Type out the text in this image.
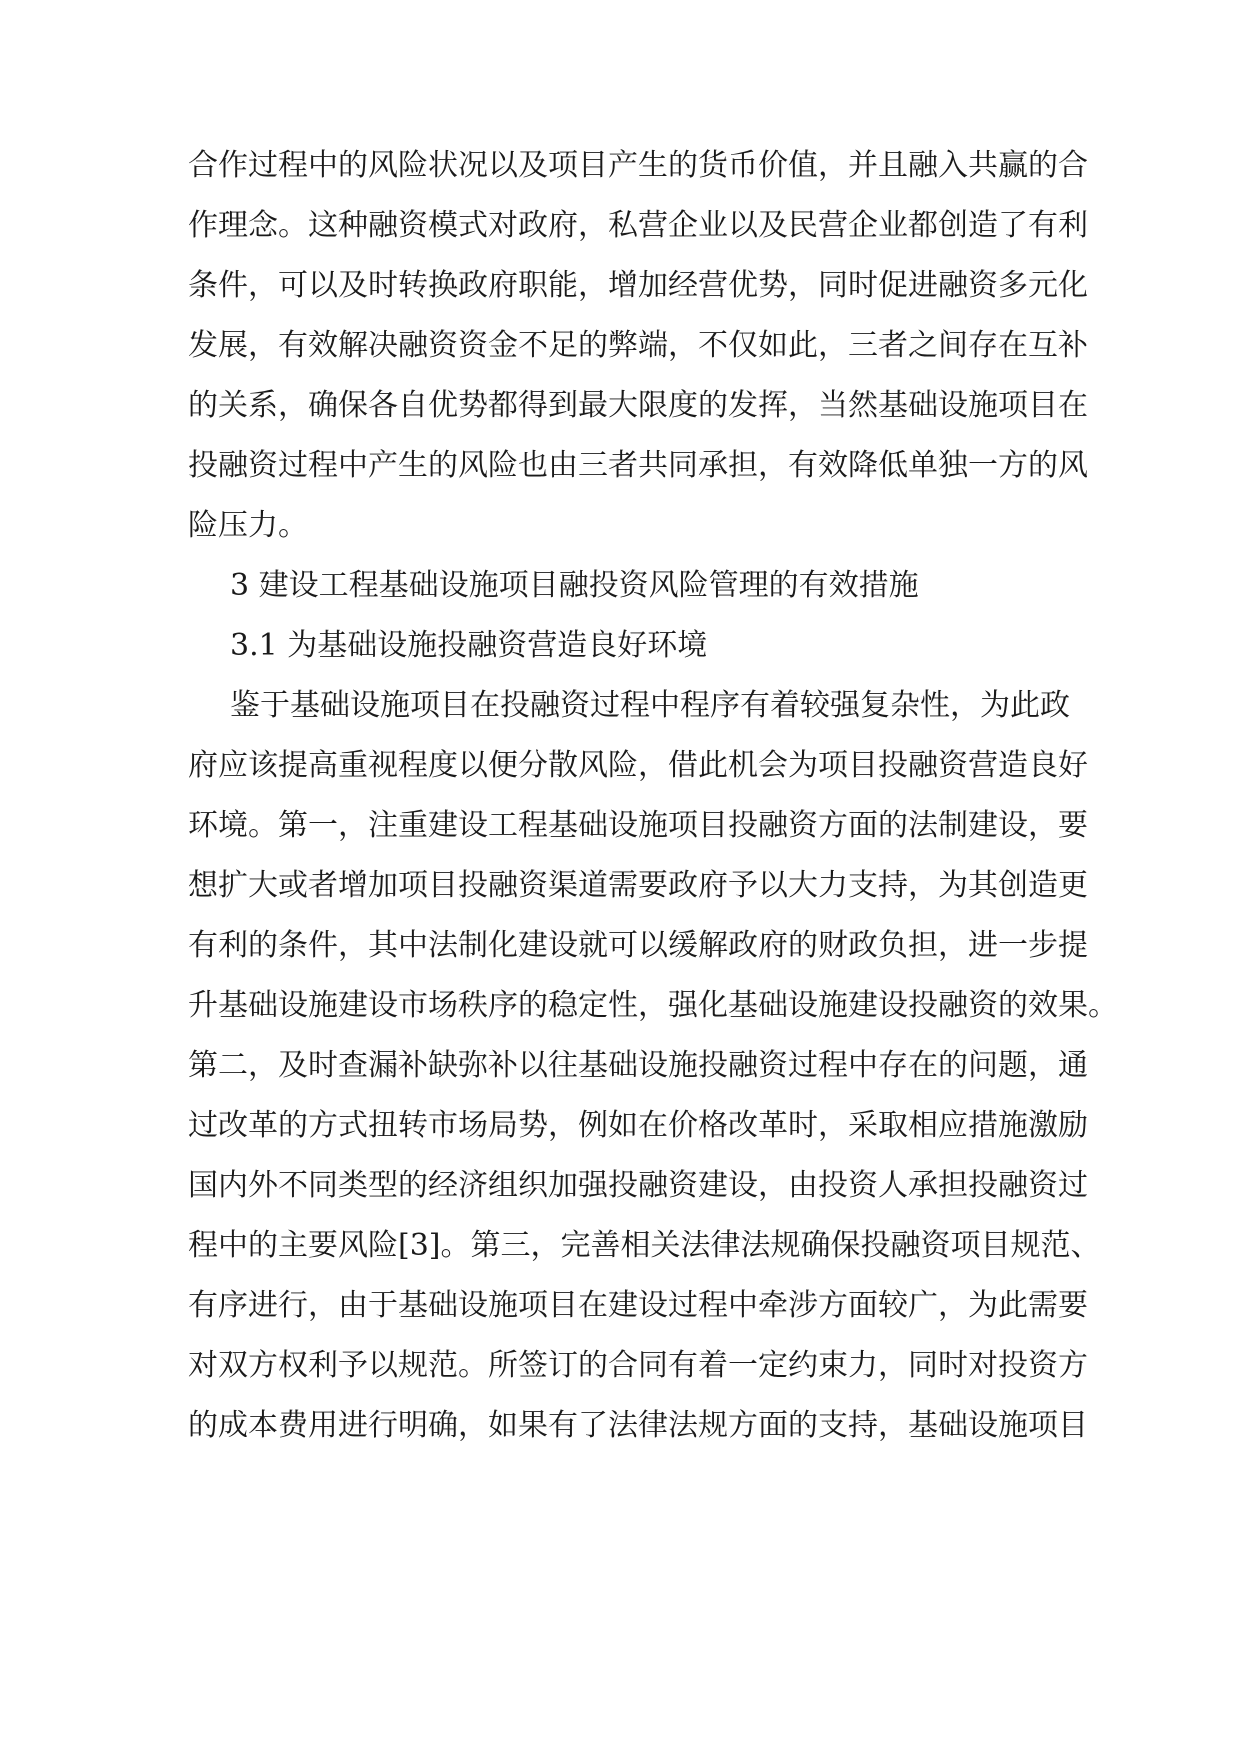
合作过程中的风险状况以及项目产生的货币价值，并且融入共赢的合

作理念。这种融资模式对政府，私营企业以及民营企业都创造了有利

条件，可以及时转换政府职能，增加经营优势，同时促进融资多元化

发展，有效解决融资资金不足的弊端，不仅如此，三者之间存在互补

的关系，确保各自优势都得到最大限度的发挥，当然基础设施项目在

投融资过程中产生的风险也由三者共同承担，有效降低单独一方的风

险压力。

3 建设工程基础设施项目融投资风险管理的有效措施

3.1 为基础设施投融资营造良好环境

鉴于基础设施项目在投融资过程中程序有着较强复杂性，为此政

府应该提高重视程度以便分散风险，借此机会为项目投融资营造良好

环境。第一，注重建设工程基础设施项目投融资方面的法制建设，要

想扩大或者增加项目投融资渠道需要政府予以大力支持，为其创造更

有利的条件，其中法制化建设就可以缓解政府的财政负担，进一步提

升基础设施建设市场秩序的稳定性，强化基础设施建设投融资的效果。

第二，及时查漏补缺弥补以往基础设施投融资过程中存在的问题，通

过改革的方式扭转市场局势，例如在价格改革时，采取相应措施激励

国内外不同类型的经济组织加强投融资建设，由投资人承担投融资过

程中的主要风险[3]。第三，完善相关法律法规确保投融资项目规范、

有序进行，由于基础设施项目在建设过程中牵涉方面较广，为此需要

对双方权利予以规范。所签订的合同有着一定约束力，同时对投资方

的成本费用进行明确，如果有了法律法规方面的支持，基础设施项目
